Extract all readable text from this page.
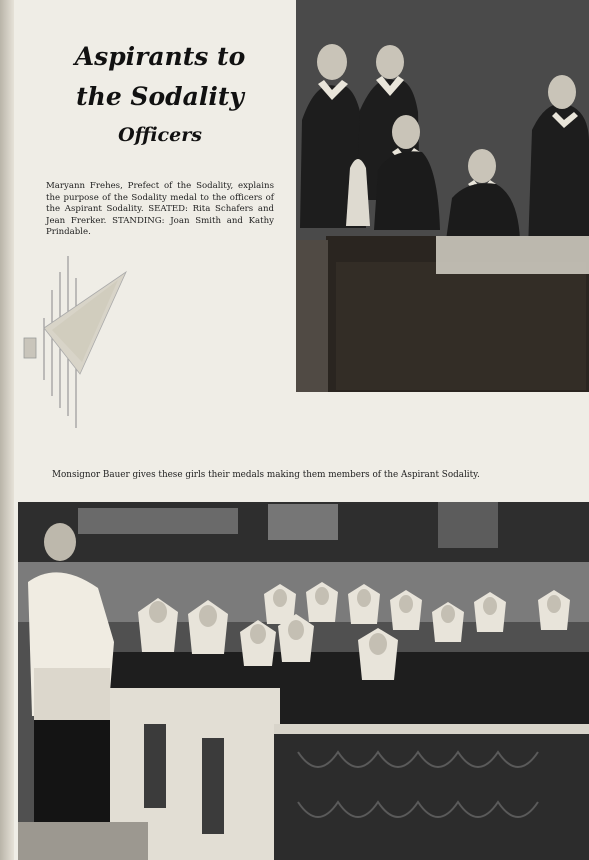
Aspirants to
the Sodality
Officers
Maryann Frehes, Prefect of the Sodality, explains the purpose of the Sodality medal to the officers of the Aspirant Sodality. SEATED: Rita Schafers and Jean Frerker. STANDING: Joan Smith and Kathy Prindable.
Monsignor Bauer gives these girls their medals making them members of the Aspirant Sodality.
